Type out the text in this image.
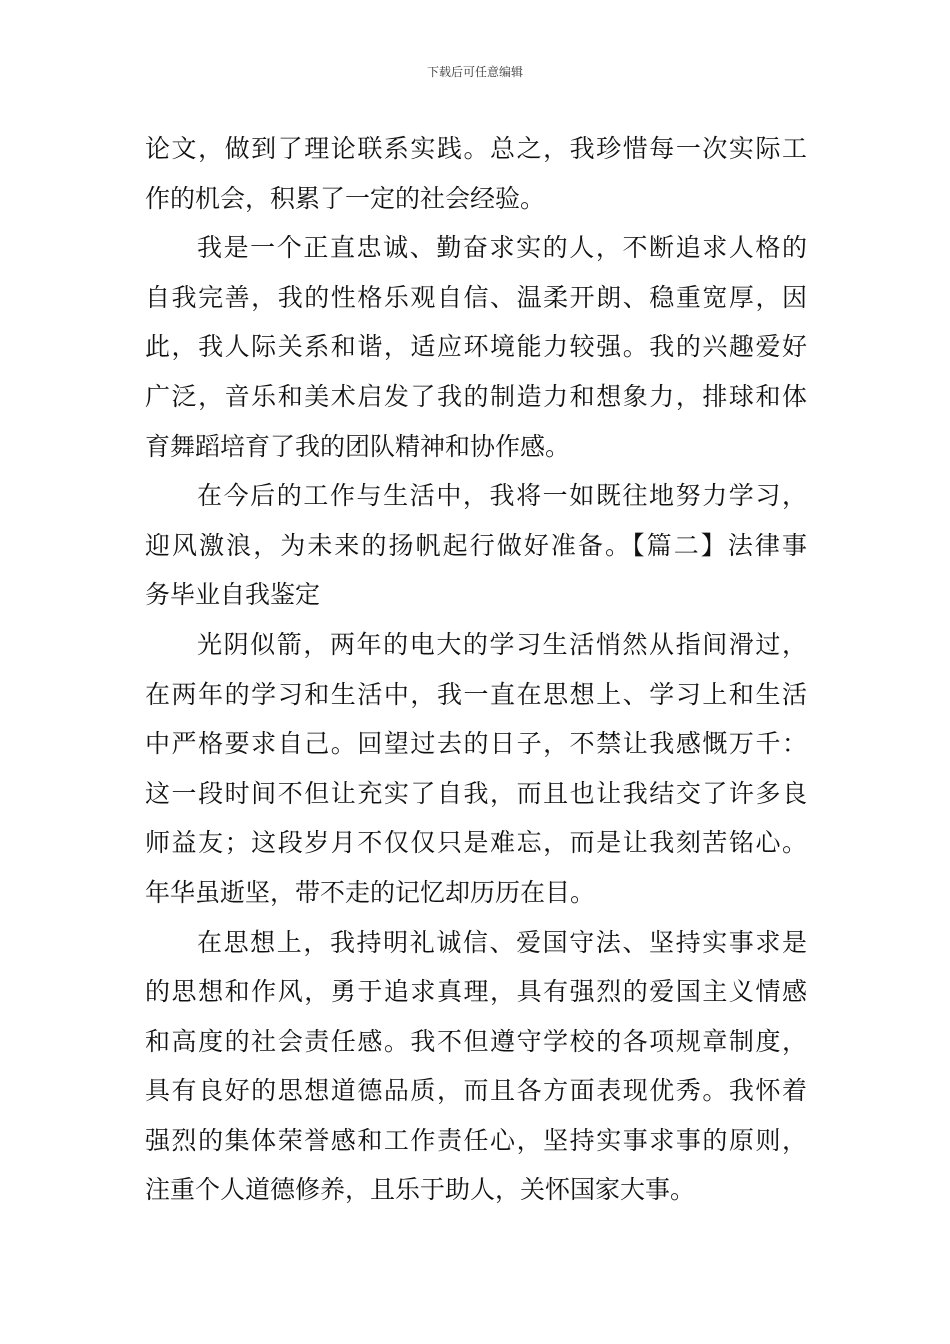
下载后可任意编辑
论文，做到了理论联系实践。总之，我珍惜每一次实际工
作的机会，积累了一定的社会经验。
我是一个正直忠诚、勤奋求实的人，不断追求人格的
自我完善，我的性格乐观自信、温柔开朗、稳重宽厚，因
此，我人际关系和谐，适应环境能力较强。我的兴趣爱好
广泛，音乐和美术启发了我的制造力和想象力，排球和体
育舞蹈培育了我的团队精神和协作感。
在今后的工作与生活中，我将一如既往地努力学习，
迎风激浪，为未来的扬帆起行做好准备。【篇二】法律事
务毕业自我鉴定
光阴似箭，两年的电大的学习生活悄然从指间滑过，
在两年的学习和生活中，我一直在思想上、学习上和生活
中严格要求自己。回望过去的日子，不禁让我感慨万千：
这一段时间不但让充实了自我，而且也让我结交了许多良
师益友；这段岁月不仅仅只是难忘，而是让我刻苦铭心。
年华虽逝坚，带不走的记忆却历历在目。
在思想上，我持明礼诚信、爱国守法、坚持实事求是
的思想和作风，勇于追求真理，具有强烈的爱国主义情感
和高度的社会责任感。我不但遵守学校的各项规章制度，
具有良好的思想道德品质，而且各方面表现优秀。我怀着
强烈的集体荣誉感和工作责任心，坚持实事求事的原则，
注重个人道德修养，且乐于助人，关怀国家大事。
